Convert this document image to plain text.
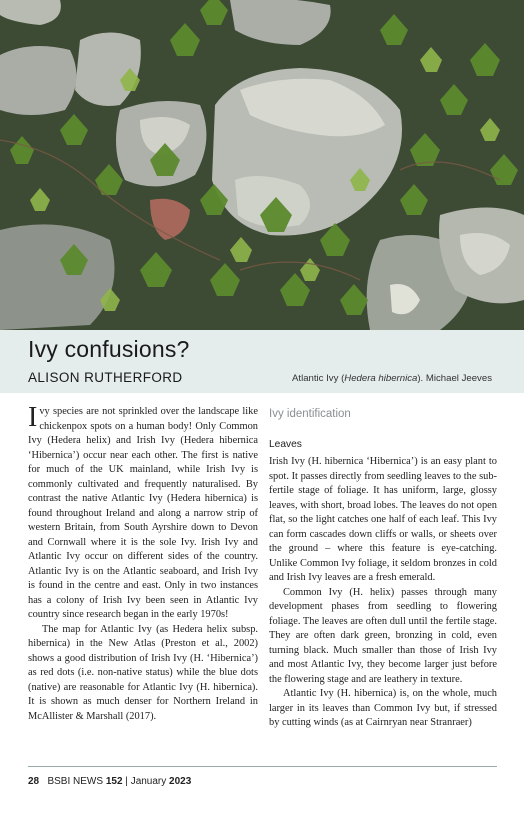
Ivy confusions?
ALISON RUTHERFORD	Atlantic Ivy (Hedera hibernica). Michael Jeeves

Ivy species are not sprinkled over the landscape like chickenpox spots on a human body! Only Common Ivy (Hedera helix) and Irish Ivy (Hedera hibernica ‘Hibernica’) occur near each other. The first is native for much of the UK mainland, while Irish Ivy is commonly cultivated and frequently naturalised. By contrast the native Atlantic Ivy (Hedera hibernica) is found throughout Ireland and along a narrow strip of western Britain, from South Ayrshire down to Devon and Cornwall where it is the sole Ivy. Irish Ivy and Atlantic Ivy occur on different sides of the country. Atlantic Ivy is on the Atlantic seaboard, and Irish Ivy is found in the centre and east. Only in two instances has a colony of Irish Ivy been seen in Atlantic Ivy country since research began in the early 1970s!

The map for Atlantic Ivy (as Hedera helix subsp. hibernica) in the New Atlas (Preston et al., 2002) shows a good distribution of Irish Ivy (H. ‘Hibernica’) as red dots (i.e. non-native status) while the blue dots (native) are reasonable for Atlantic Ivy (H. hibernica). It is shown as much denser for Northern Ireland in McAllister & Marshall (2017).

Ivy identification
Leaves

Irish Ivy (H. hibernica ‘Hibernica’) is an easy plant to spot. It passes directly from seedling leaves to the sub-fertile stage of foliage. It has uniform, large, glossy leaves, with short, broad lobes. The leaves do not open flat, so the light catches one half of each leaf. This Ivy can form cascades down cliffs or walls, or sheets over the ground – where this feature is eye-catching. Unlike Common Ivy foliage, it seldom bronzes in cold and Irish Ivy leaves are a fresh emerald.

Common Ivy (H. helix) passes through many development phases from seedling to flowering foliage. The leaves are often dull until the fertile stage. They are often dark green, bronzing in cold, even turning black. Much smaller than those of Irish Ivy and most Atlantic Ivy, they become larger just before the flowering stage and are leathery in texture.

Atlantic Ivy (H. hibernica) is, on the whole, much larger in its leaves than Common Ivy but, if stressed by cutting winds (as at Cairnryan near Stranraer)

28 BSBI NEWS 152 | January 2023
